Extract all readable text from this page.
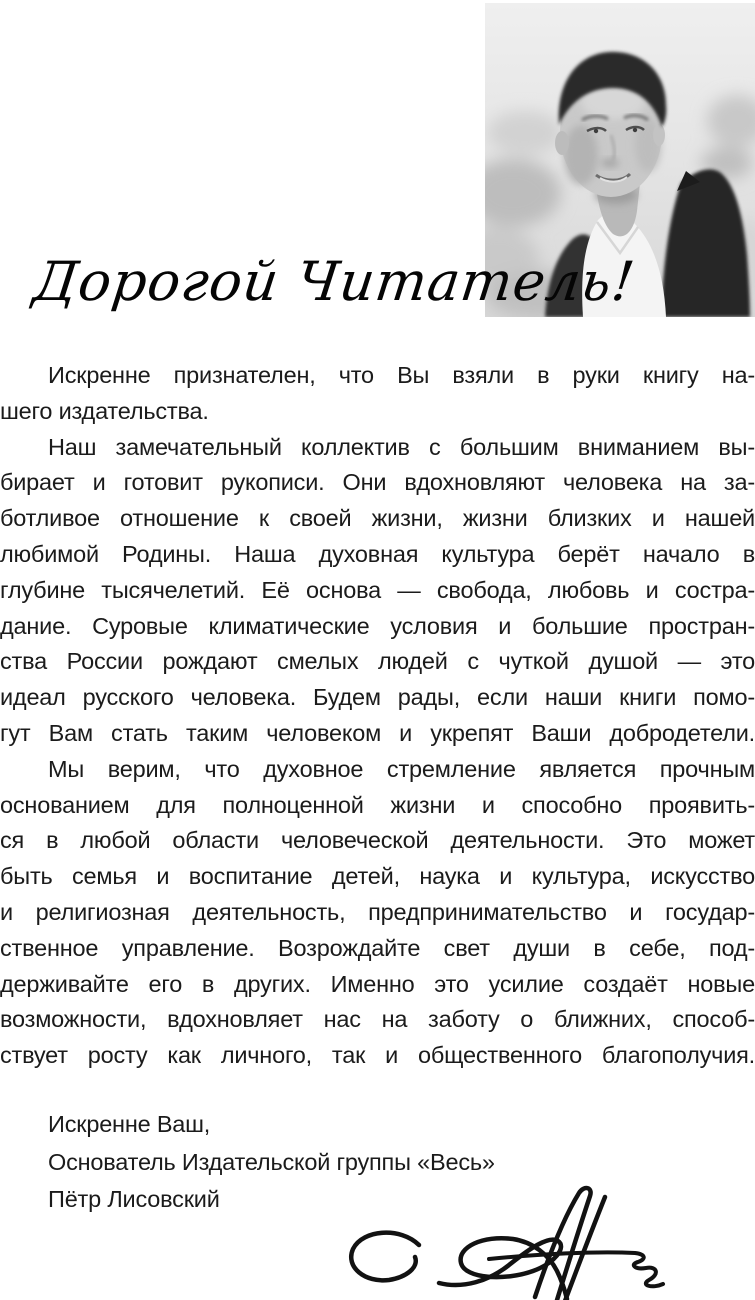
Дорогой Читатель!
Искренне признателен, что Вы взяли в руки книгу на-
шего издательства.
Наш замечательный коллектив с большим вниманием вы-
бирает и готовит рукописи. Они вдохновляют человека на за-
ботливое отношение к своей жизни, жизни близких и нашей
любимой Родины. Наша духовная культура берёт начало в
глубине тысячелетий. Её основа — свобода, любовь и состра-
дание. Суровые климатические условия и большие простран-
ства России рождают смелых людей с чуткой душой — это
идеал русского человека. Будем рады, если наши книги помо-
гут Вам стать таким человеком и укрепят Ваши добродетели.
Мы верим, что духовное стремление является прочным
основанием для полноценной жизни и способно проявить-
ся в любой области человеческой деятельности. Это может
быть семья и воспитание детей, наука и культура, искусство
и религиозная деятельность, предпринимательство и государ-
ственное управление. Возрождайте свет души в себе, под-
держивайте его в других. Именно это усилие создаёт новые
возможности, вдохновляет нас на заботу о ближних, способ-
ствует росту как личного, так и общественного благополучия.
Искренне Ваш,
Основатель Издательской группы «Весь»
Пётр Лисовский
